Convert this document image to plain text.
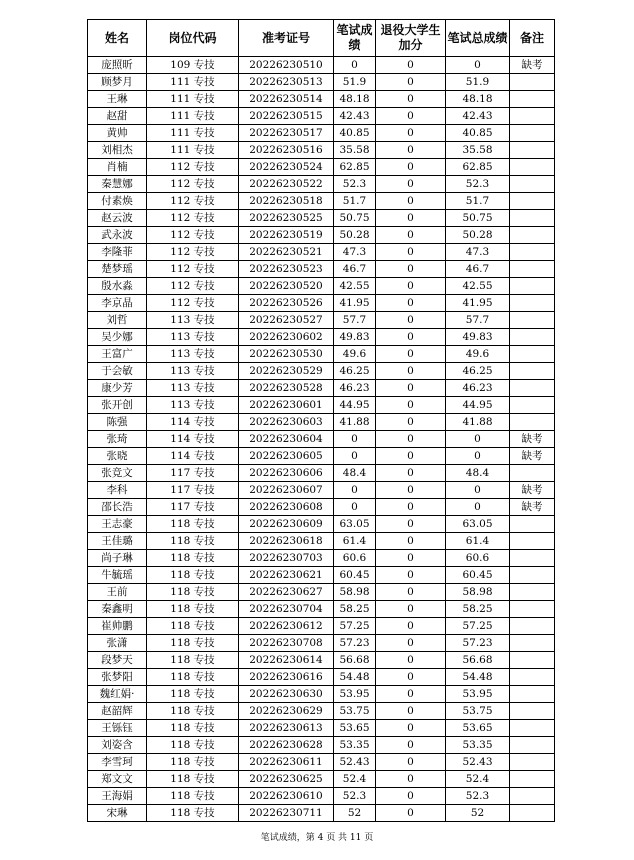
姓名	岗位代码	准考证号	笔试成绩	退役大学生加分	笔试总成绩	备注
庞照昕	109 专技	20226230510	0	0	0	缺考
顾梦月	111 专技	20226230513	51.9	0	51.9	
王琳	111 专技	20226230514	48.18	0	48.18	
赵甜	111 专技	20226230515	42.43	0	42.43	
黄帅	111 专技	20226230517	40.85	0	40.85	
刘相杰	111 专技	20226230516	35.58	0	35.58	
肖楠	112 专技	20226230524	62.85	0	62.85	
秦慧娜	112 专技	20226230522	52.3	0	52.3	
付素焕	112 专技	20226230518	51.7	0	51.7	
赵云波	112 专技	20226230525	50.75	0	50.75	
武永波	112 专技	20226230519	50.28	0	50.28	
李隆菲	112 专技	20226230521	47.3	0	47.3	
楚梦瑶	112 专技	20226230523	46.7	0	46.7	
殷水淼	112 专技	20226230520	42.55	0	42.55	
李京晶	112 专技	20226230526	41.95	0	41.95	
刘哲	113 专技	20226230527	57.7	0	57.7	
吴少娜	113 专技	20226230602	49.83	0	49.83	
王富广	113 专技	20226230530	49.6	0	49.6	
于会敏	113 专技	20226230529	46.25	0	46.25	
康少芳	113 专技	20226230528	46.23	0	46.23	
张开创	113 专技	20226230601	44.95	0	44.95	
陈强	114 专技	20226230603	41.88	0	41.88	
张琦	114 专技	20226230604	0	0	0	缺考
张晓	114 专技	20226230605	0	0	0	缺考
张竞文	117 专技	20226230606	48.4	0	48.4	
李科	117 专技	20226230607	0	0	0	缺考
邵长浩	117 专技	20226230608	0	0	0	缺考
王志豪	118 专技	20226230609	63.05	0	63.05	
王佳璐	118 专技	20226230618	61.4	0	61.4	
尚子琳	118 专技	20226230703	60.6	0	60.6	
牛毓瑶	118 专技	20226230621	60.45	0	60.45	
王前	118 专技	20226230627	58.98	0	58.98	
秦鑫明	118 专技	20226230704	58.25	0	58.25	
崔帅鹏	118 专技	20226230612	57.25	0	57.25	
张潇	118 专技	20226230708	57.23	0	57.23	
段梦天	118 专技	20226230614	56.68	0	56.68	
张梦阳	118 专技	20226230616	54.48	0	54.48	
魏红娟·	118 专技	20226230630	53.95	0	53.95	
赵韶辉	118 专技	20226230629	53.75	0	53.75	
王铄钰	118 专技	20226230613	53.65	0	53.65	
刘姿含	118 专技	20226230628	53.35	0	53.35	
李雪珂	118 专技	20226230611	52.43	0	52.43	
郑文文	118 专技	20226230625	52.4	0	52.4	
王海娟	118 专技	20226230610	52.3	0	52.3	
宋琳	118 专技	20226230711	52	0	52	
笔试成绩，第 4 页 共 11 页
